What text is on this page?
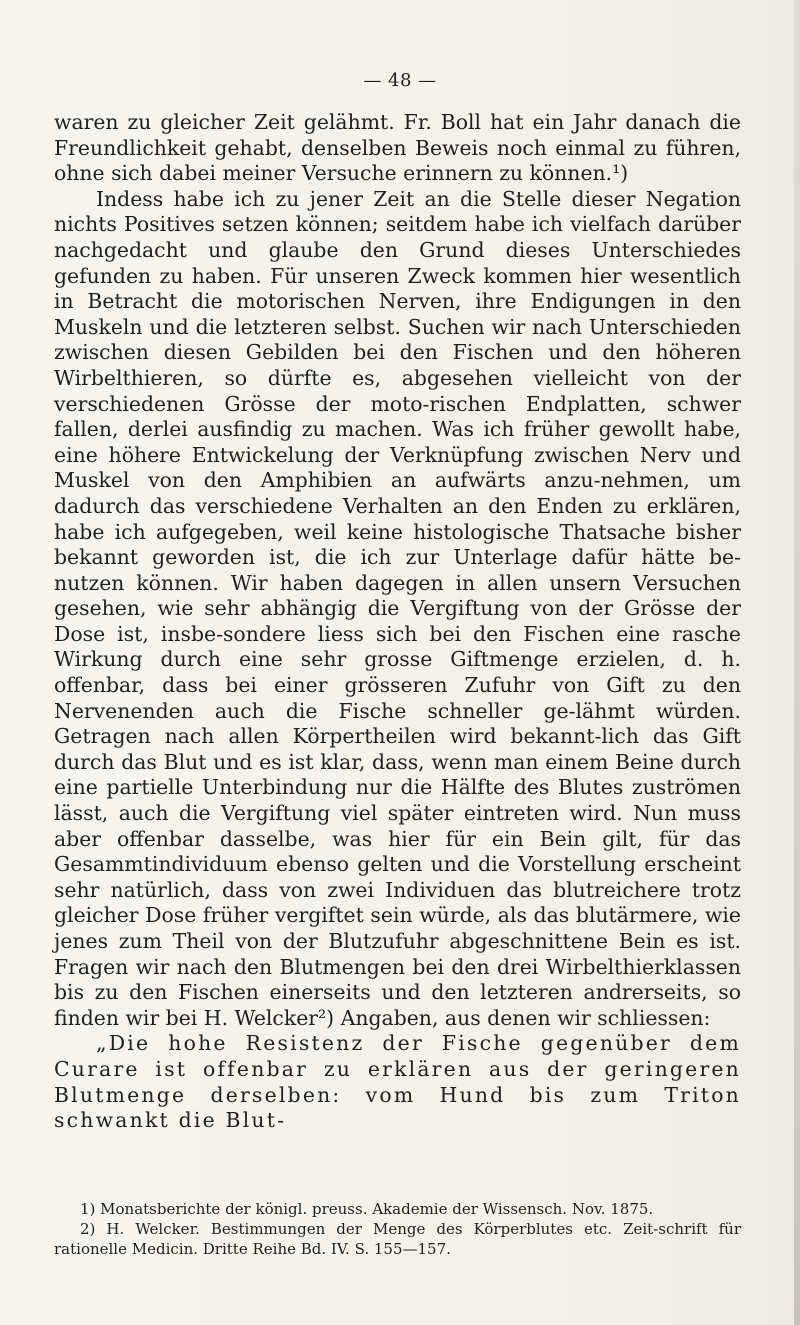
— 48 —

waren zu gleicher Zeit gelähmt. Fr. Boll hat ein Jahr danach die Freundlichkeit gehabt, denselben Beweis noch einmal zu führen, ohne sich dabei meiner Versuche erinnern zu können.¹)

Indess habe ich zu jener Zeit an die Stelle dieser Negation nichts Positives setzen können; seitdem habe ich vielfach darüber nachgedacht und glaube den Grund dieses Unterschiedes gefunden zu haben. Für unseren Zweck kommen hier wesentlich in Betracht die motorischen Nerven, ihre Endigungen in den Muskeln und die letzteren selbst. Suchen wir nach Unterschieden zwischen diesen Gebilden bei den Fischen und den höheren Wirbelthieren, so dürfte es, abgesehen vielleicht von der verschiedenen Grösse der moto-rischen Endplatten, schwer fallen, derlei ausfindig zu machen. Was ich früher gewollt habe, eine höhere Entwickelung der Verknüpfung zwischen Nerv und Muskel von den Amphibien an aufwärts anzu-nehmen, um dadurch das verschiedene Verhalten an den Enden zu erklären, habe ich aufgegeben, weil keine histologische Thatsache bisher bekannt geworden ist, die ich zur Unterlage dafür hätte be-nutzen können. Wir haben dagegen in allen unsern Versuchen gesehen, wie sehr abhängig die Vergiftung von der Grösse der Dose ist, insbe-sondere liess sich bei den Fischen eine rasche Wirkung durch eine sehr grosse Giftmenge erzielen, d. h. offenbar, dass bei einer grösseren Zufuhr von Gift zu den Nervenenden auch die Fische schneller ge-lähmt würden. Getragen nach allen Körpertheilen wird bekannt-lich das Gift durch das Blut und es ist klar, dass, wenn man einem Beine durch eine partielle Unterbindung nur die Hälfte des Blutes zuströmen lässt, auch die Vergiftung viel später eintreten wird. Nun muss aber offenbar dasselbe, was hier für ein Bein gilt, für das Gesammtindividuum ebenso gelten und die Vorstellung erscheint sehr natürlich, dass von zwei Individuen das blutreichere trotz gleicher Dose früher vergiftet sein würde, als das blutärmere, wie jenes zum Theil von der Blutzufuhr abgeschnittene Bein es ist. Fragen wir nach den Blutmengen bei den drei Wirbelthierklassen bis zu den Fischen einerseits und den letzteren andrerseits, so finden wir bei H. Welcker²) Angaben, aus denen wir schliessen:

„Die hohe Resistenz der Fische gegenüber dem Curare ist offenbar zu erklären aus der geringeren Blutmenge derselben: vom Hund bis zum Triton schwankt die Blut-

1) Monatsberichte der königl. preuss. Akademie der Wissensch. Nov. 1875.

2) H. Welcker. Bestimmungen der Menge des Körperblutes etc. Zeit-schrift für rationelle Medicin. Dritte Reihe Bd. IV. S. 155—157.
